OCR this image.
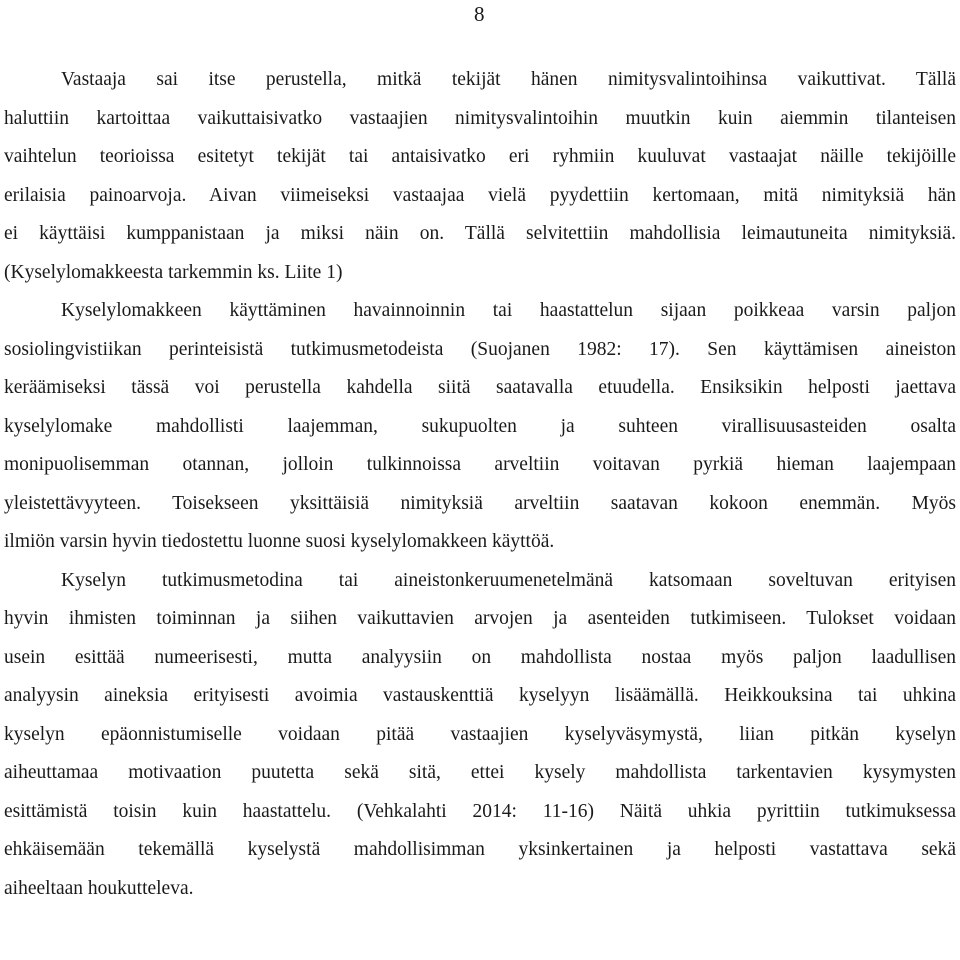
8
Vastaaja sai itse perustella, mitkä tekijät hänen nimitysvalintoihinsa vaikuttivat. Tällä
haluttiin kartoittaa vaikuttaisivatko vastaajien nimitysvalintoihin muutkin kuin aiemmin tilanteisen
vaihtelun teorioissa esitetyt tekijät tai antaisivatko eri ryhmiin kuuluvat vastaajat näille tekijöille
erilaisia painoarvoja. Aivan viimeiseksi vastaajaa vielä pyydettiin kertomaan, mitä nimityksiä hän
ei käyttäisi kumppanistaan ja miksi näin on. Tällä selvitettiin mahdollisia leimautuneita nimityksiä.
(Kyselylomakkeesta tarkemmin ks. Liite 1)
Kyselylomakkeen käyttäminen havainnoinnin tai haastattelun sijaan poikkeaa varsin paljon
sosiolingvistiikan perinteisistä tutkimusmetodeista (Suojanen 1982: 17). Sen käyttämisen aineiston
keräämiseksi tässä voi perustella kahdella siitä saatavalla etuudella. Ensiksikin helposti jaettava
kyselylomake mahdollisti laajemman, sukupuolten ja suhteen virallisuusasteiden osalta
monipuolisemman otannan, jolloin tulkinnoissa arveltiin voitavan pyrkiä hieman laajempaan
yleistettävyyteen. Toisekseen yksittäisiä nimityksiä arveltiin saatavan kokoon enemmän. Myös
ilmiön varsin hyvin tiedostettu luonne suosi kyselylomakkeen käyttöä.
Kyselyn tutkimusmetodina tai aineistonkeruumenetelmänä katsomaan soveltuvan erityisen
hyvin ihmisten toiminnan ja siihen vaikuttavien arvojen ja asenteiden tutkimiseen. Tulokset voidaan
usein esittää numeerisesti, mutta analyysiin on mahdollista nostaa myös paljon laadullisen
analyysin aineksia erityisesti avoimia vastauskenttiä kyselyyn lisäämällä. Heikkouksina tai uhkina
kyselyn epäonnistumiselle voidaan pitää vastaajien kyselyväsymystä, liian pitkän kyselyn
aiheuttamaa motivaation puutetta sekä sitä, ettei kysely mahdollista tarkentavien kysymysten
esittämistä toisin kuin haastattelu. (Vehkalahti 2014: 11-16) Näitä uhkia pyrittiin tutkimuksessa
ehkäisemään tekemällä kyselystä mahdollisimman yksinkertainen ja helposti vastattava sekä
aiheeltaan houkutteleva.
